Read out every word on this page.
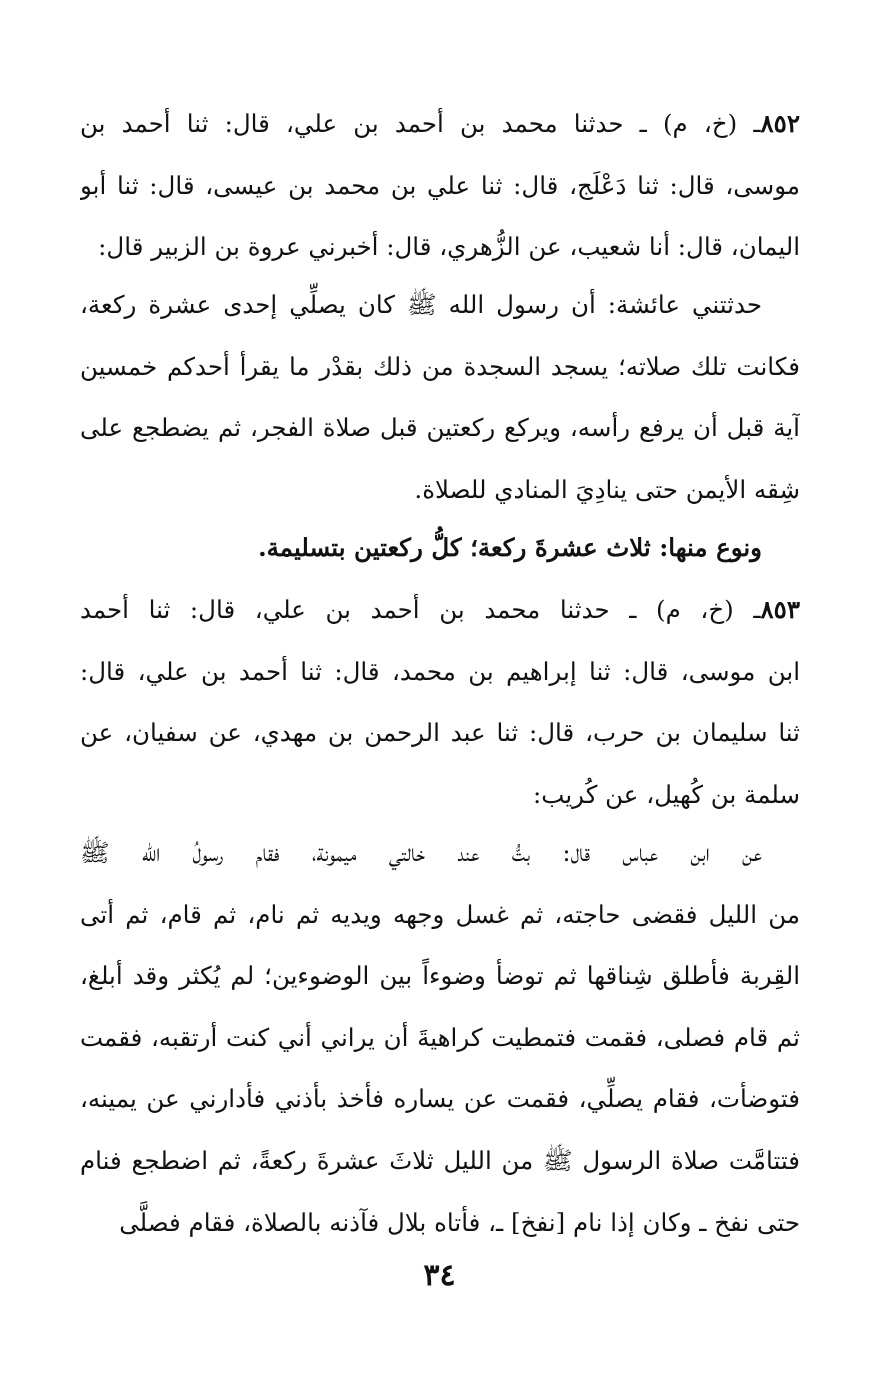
٨٥٢ـ (خ، م) ـ حدثنا محمد بن أحمد بن علي، قال: ثنا أحمد بن
موسى، قال: ثنا دَعْلَج، قال: ثنا علي بن محمد بن عيسى، قال: ثنا أبو
اليمان، قال: أنا شعيب، عن الزُّهري، قال: أخبرني عروة بن الزبير قال:
حدثتني عائشة: أن رسول الله ﷺ كان يصلِّي إحدى عشرة ركعة،
فكانت تلك صلاته؛ يسجد السجدة من ذلك بقدْر ما يقرأ أحدكم خمسين
آية قبل أن يرفع رأسه، ويركع ركعتين قبل صلاة الفجر، ثم يضطجع على
شِقه الأيمن حتى ينادِيَ المنادي للصلاة.
ونوع منها: ثلاث عشرةَ ركعة؛ كلُّ ركعتين بتسليمة.
٨٥٣ـ (خ، م) ـ حدثنا محمد بن أحمد بن علي، قال: ثنا أحمد
ابن موسى، قال: ثنا إبراهيم بن محمد، قال: ثنا أحمد بن علي، قال:
ثنا سليمان بن حرب، قال: ثنا عبد الرحمن بن مهدي، عن سفيان، عن
سلمة بن كُهيل، عن كُريب:
عن ابن عباس قال: بتُّ عند خالتي ميمونة، فقام رسولُ الله ﷺ
من الليل فقضى حاجته، ثم غسل وجهه ويديه ثم نام، ثم قام، ثم أتى
القِربة فأطلق شِناقها ثم توضأ وضوءاً بين الوضوءين؛ لم يُكثر وقد أبلغ،
ثم قام فصلى، فقمت فتمطيت كراهيةَ أن يراني أني كنت أرتقبه، فقمت
فتوضأت، فقام يصلِّي، فقمت عن يساره فأخذ بأذني فأدارني عن يمينه،
فتتامَّت صلاة الرسول ﷺ من الليل ثلاثَ عشرةَ ركعةً، ثم اضطجع فنام
حتى نفخ ـ وكان إذا نام [نفخ] ـ، فأتاه بلال فآذنه بالصلاة، فقام فصلَّى
٣٤
